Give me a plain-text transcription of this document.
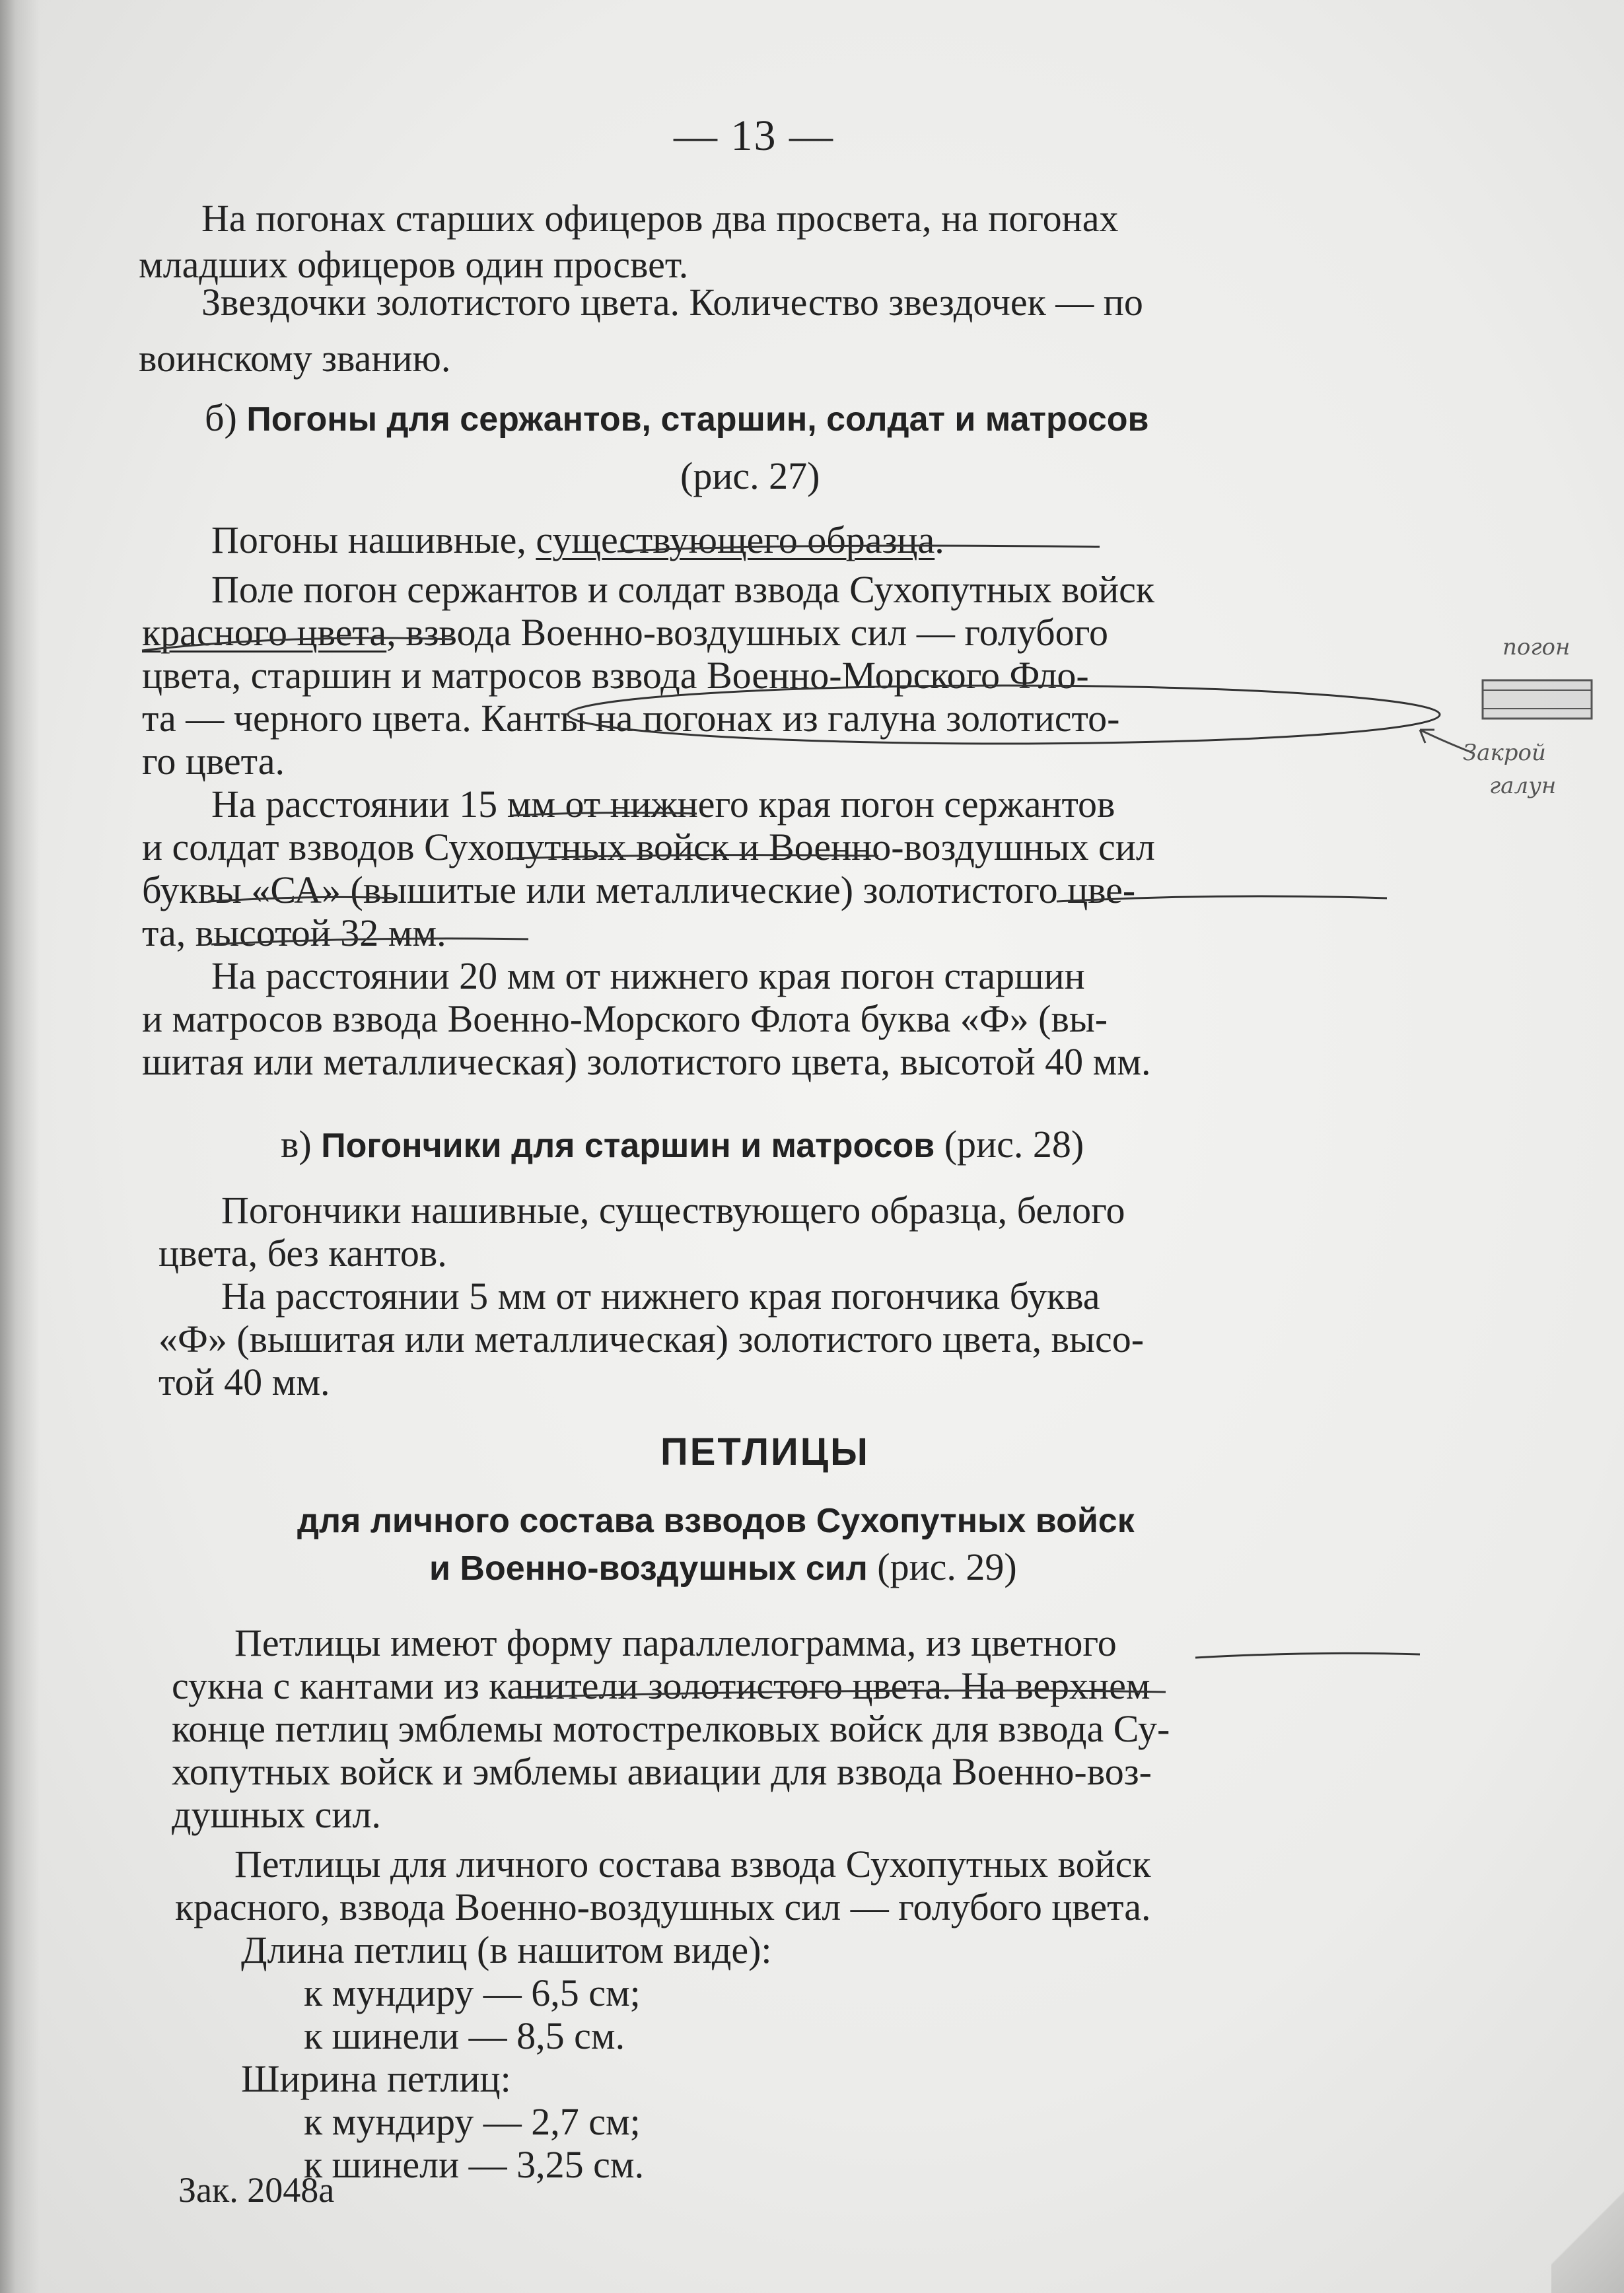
— 13 —
На погонах старших офицеров два просвета, на погонах
младших офицеров один просвет.
Звездочки золотистого цвета. Количество звездочек — по
воинскому званию.
б) Погоны для сержантов, старшин, солдат и матросов
(рис. 27)
Погоны нашивные, существующего образца.
Поле погон сержантов и солдат взвода Сухопутных войск
красного цвета, взвода Военно-воздушных сил — голубого
цвета, старшин и матросов взвода Военно-Морского Фло-
та — черного цвета. Канты на погонах из галуна золотисто-
го цвета.
На расстоянии 15 мм от нижнего края погон сержантов
и солдат взводов Сухопутных войск и Военно-воздушных сил
буквы «СА» (вышитые или металлические) золотистого цве-
та, высотой 32 мм.
На расстоянии 20 мм от нижнего края погон старшин
и матросов взвода Военно-Морского Флота буква «Ф» (вы-
шитая или металлическая) золотистого цвета, высотой 40 мм.
в) Погончики для старшин и матросов (рис. 28)
Погончики нашивные, существующего образца, белого
цвета, без кантов.
На расстоянии 5 мм от нижнего края погончика буква
«Ф» (вышитая или металлическая) золотистого цвета, высо-
той 40 мм.
ПЕТЛИЦЫ
для личного состава взводов Сухопутных войск
и Военно-воздушных сил (рис. 29)
Петлицы имеют форму параллелограмма, из цветного
сукна с кантами из канители золотистого цвета. На верхнем
конце петлиц эмблемы мотострелковых войск для взвода Су-
хопутных войск и эмблемы авиации для взвода Военно-воз-
душных сил.
Петлицы для личного состава взвода Сухопутных войск
красного, взвода Военно-воздушных сил — голубого цвета.
Длина петлиц (в нашитом виде):
к мундиру — 6,5 см;
к шинели — 8,5 см.
Ширина петлиц:
к мундиру — 2,7 см;
к шинели — 3,25 см.
Зак. 2048а
погон
Закрой
галун
